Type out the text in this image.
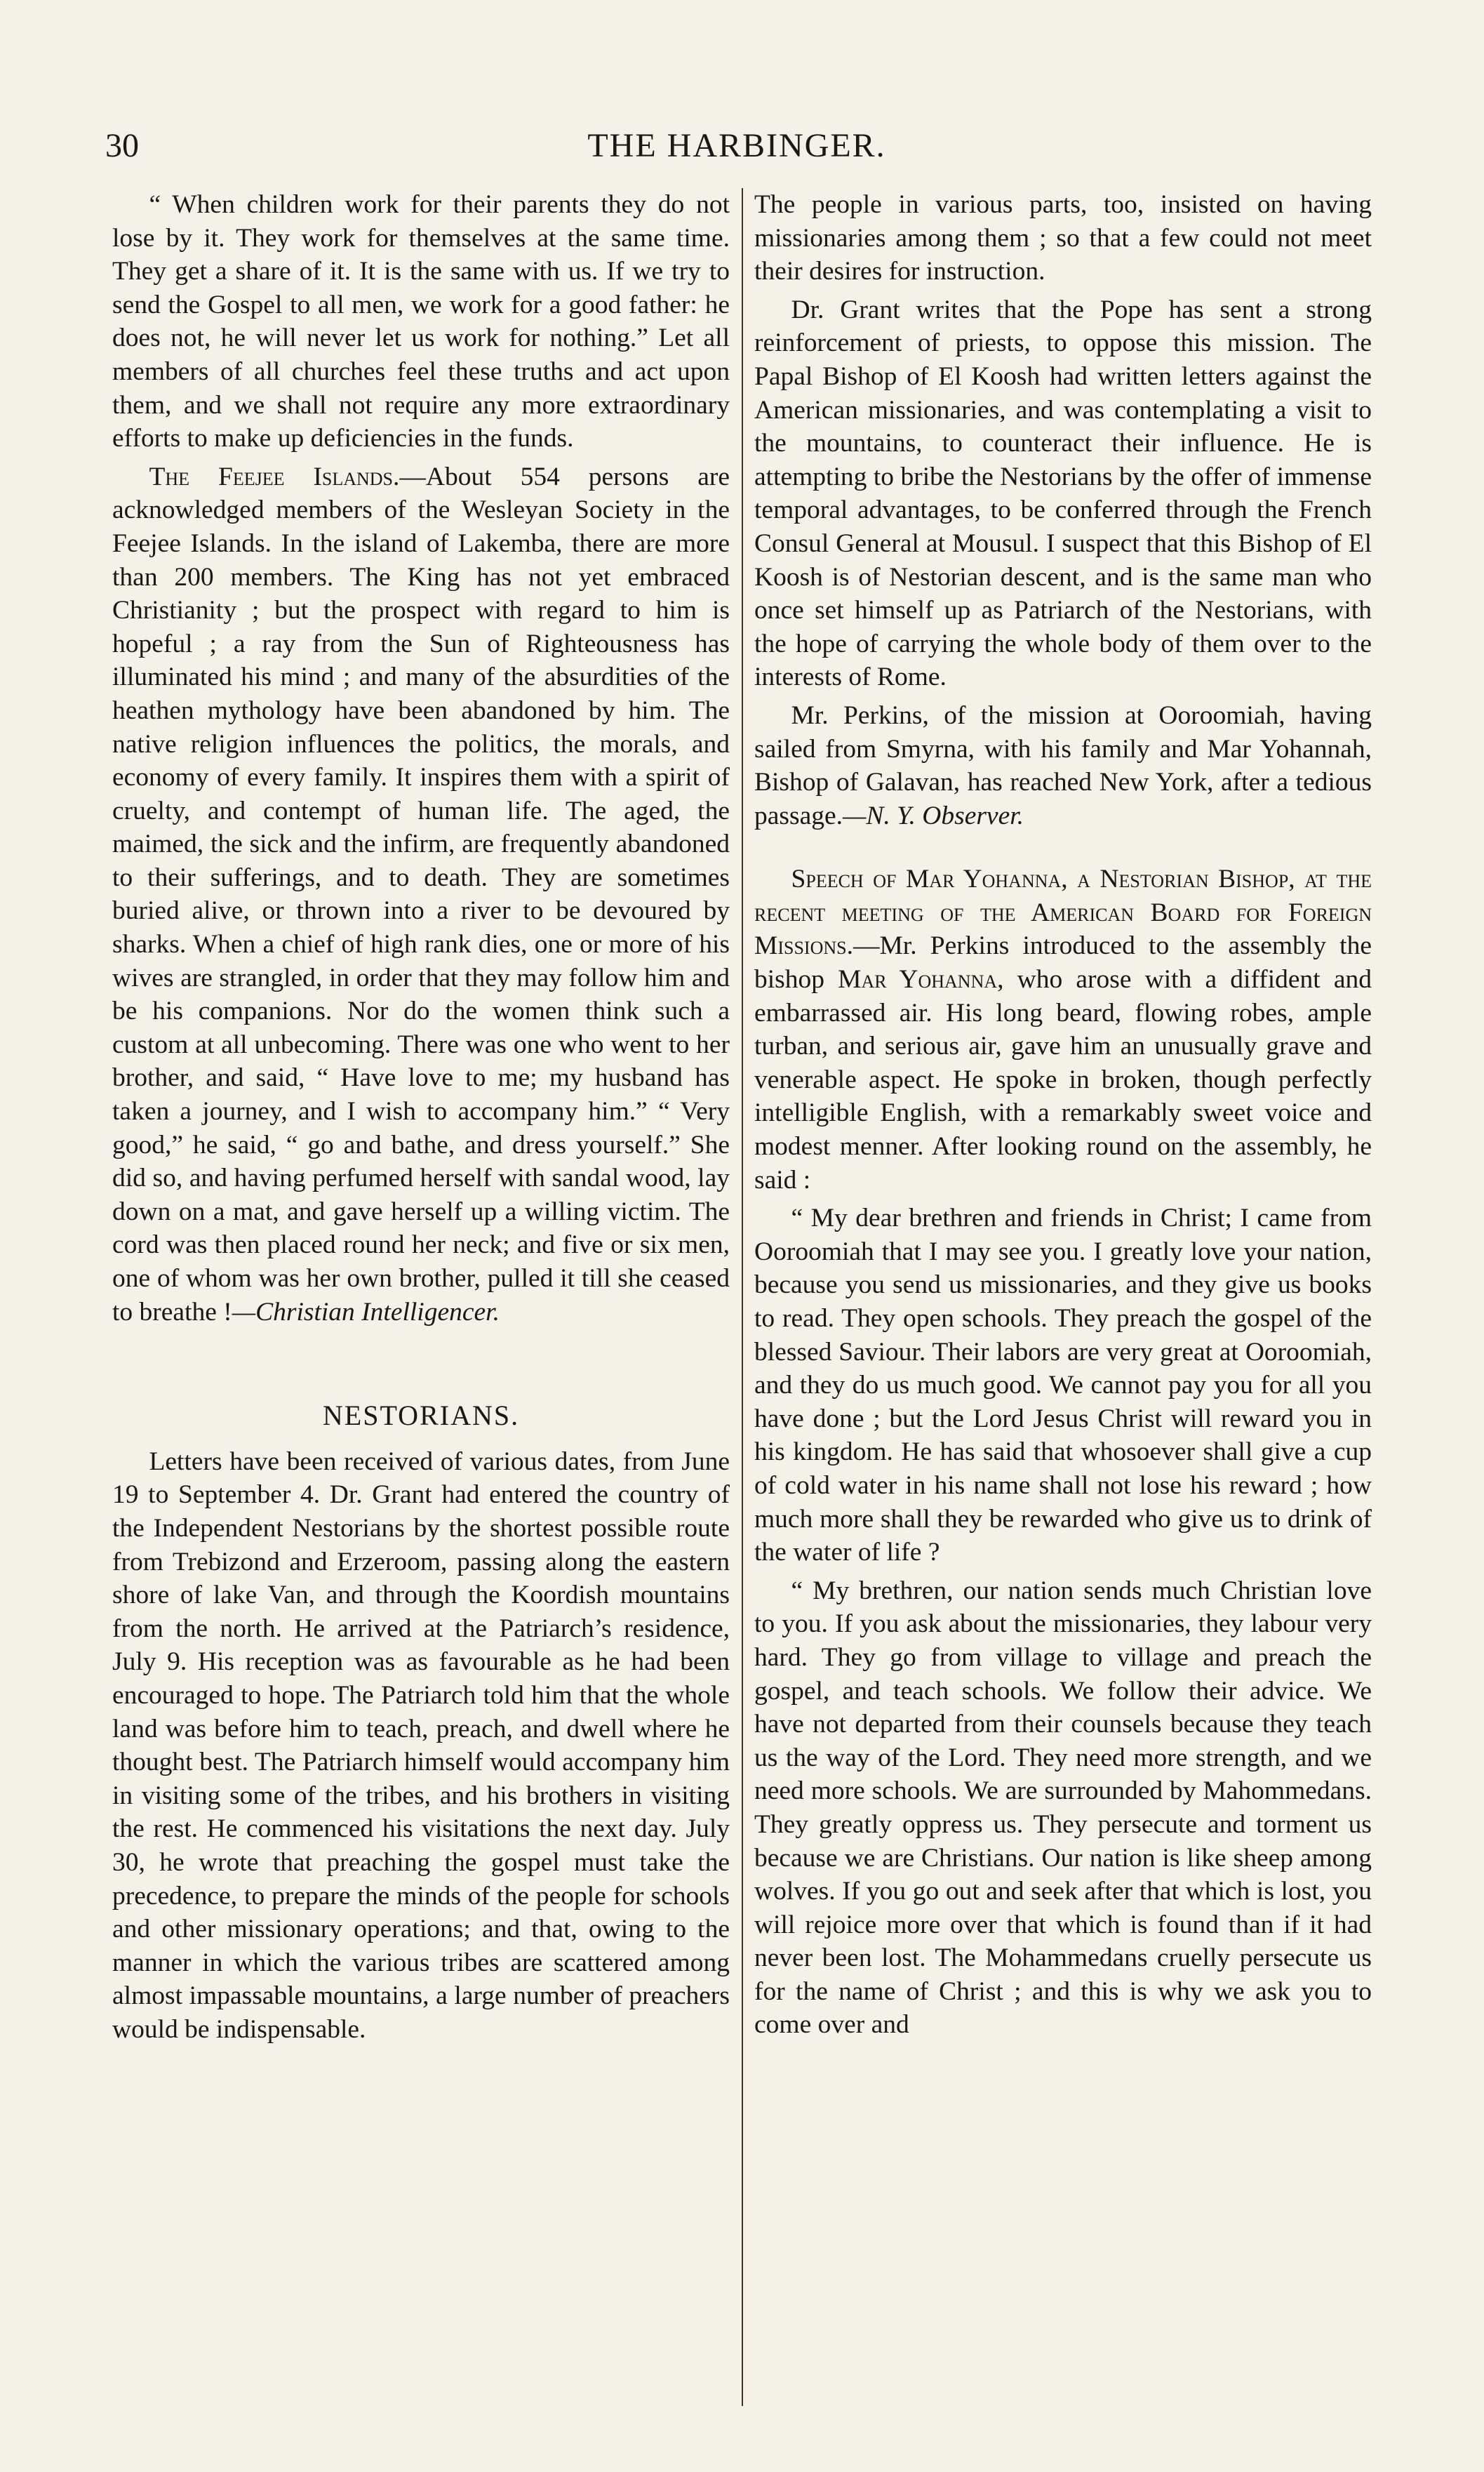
30	THE HARBINGER.

“ When children work for their parents they do not lose by it. They work for themselves at the same time. They get a share of it. It is the same with us. If we try to send the Gospel to all men, we work for a good father: he does not, he will never let us work for nothing.” Let all members of all churches feel these truths and act upon them, and we shall not require any more extraordinary efforts to make up deficiencies in the funds.

The Feejee Islands.—About 554 persons are acknowledged members of the Wesleyan Society in the Feejee Islands. In the island of Lakemba, there are more than 200 members. The King has not yet embraced Christianity ; but the prospect with regard to him is hopeful ; a ray from the Sun of Righteousness has illuminated his mind ; and many of the absurdities of the heathen mythology have been abandoned by him. The native religion influences the politics, the morals, and economy of every family. It inspires them with a spirit of cruelty, and contempt of human life. The aged, the maimed, the sick and the infirm, are frequently abandoned to their sufferings, and to death. They are sometimes buried alive, or thrown into a river to be devoured by sharks. When a chief of high rank dies, one or more of his wives are strangled, in order that they may follow him and be his companions. Nor do the women think such a custom at all unbecoming. There was one who went to her brother, and said, “ Have love to me; my husband has taken a journey, and I wish to accompany him.” “ Very good,” he said, “ go and bathe, and dress yourself.” She did so, and having perfumed herself with sandal wood, lay down on a mat, and gave herself up a willing victim. The cord was then placed round her neck; and five or six men, one of whom was her own brother, pulled it till she ceased to breathe !—Christian Intelligencer.

NESTORIANS.

Letters have been received of various dates, from June 19 to September 4. Dr. Grant had entered the country of the Independent Nestorians by the shortest possible route from Trebizond and Erzeroom, passing along the eastern shore of lake Van, and through the Koordish mountains from the north. He arrived at the Patriarch’s residence, July 9. His reception was as favourable as he had been encouraged to hope. The Patriarch told him that the whole land was before him to teach, preach, and dwell where he thought best. The Patriarch himself would accompany him in visiting some of the tribes, and his brothers in visiting the rest. He commenced his visitations the next day. July 30, he wrote that preaching the gospel must take the precedence, to prepare the minds of the people for schools and other missionary operations; and that, owing to the manner in which the various tribes are scattered among almost impassable mountains, a large number of preachers would be indispensable.

The people in various parts, too, insisted on having missionaries among them ; so that a few could not meet their desires for instruction.

Dr. Grant writes that the Pope has sent a strong reinforcement of priests, to oppose this mission. The Papal Bishop of El Koosh had written letters against the American missionaries, and was contemplating a visit to the mountains, to counteract their influence. He is attempting to bribe the Nestorians by the offer of immense temporal advantages, to be conferred through the French Consul General at Mousul. I suspect that this Bishop of El Koosh is of Nestorian descent, and is the same man who once set himself up as Patriarch of the Nestorians, with the hope of carrying the whole body of them over to the interests of Rome.

Mr. Perkins, of the mission at Ooroomiah, having sailed from Smyrna, with his family and Mar Yohannah, Bishop of Galavan, has reached New York, after a tedious passage.—N. Y. Observer.

Speech of Mar Yohanna, a Nestorian Bishop, at the recent meeting of the American Board for Foreign Missions.—Mr. Perkins introduced to the assembly the bishop Mar Yohanna, who arose with a diffident and embarrassed air. His long beard, flowing robes, ample turban, and serious air, gave him an unusually grave and venerable aspect. He spoke in broken, though perfectly intelligible English, with a remarkably sweet voice and modest menner. After looking round on the assembly, he said :

“ My dear brethren and friends in Christ; I came from Ooroomiah that I may see you. I greatly love your nation, because you send us missionaries, and they give us books to read. They open schools. They preach the gospel of the blessed Saviour. Their labors are very great at Ooroomiah, and they do us much good. We cannot pay you for all you have done ; but the Lord Jesus Christ will reward you in his kingdom. He has said that whosoever shall give a cup of cold water in his name shall not lose his reward ; how much more shall they be rewarded who give us to drink of the water of life ?

“ My brethren, our nation sends much Christian love to you. If you ask about the missionaries, they labour very hard. They go from village to village and preach the gospel, and teach schools. We follow their advice. We have not departed from their counsels because they teach us the way of the Lord. They need more strength, and we need more schools. We are surrounded by Mahommedans. They greatly oppress us. They persecute and torment us because we are Christians. Our nation is like sheep among wolves. If you go out and seek after that which is lost, you will rejoice more over that which is found than if it had never been lost. The Mohammedans cruelly persecute us for the name of Christ ; and this is why we ask you to come over and
